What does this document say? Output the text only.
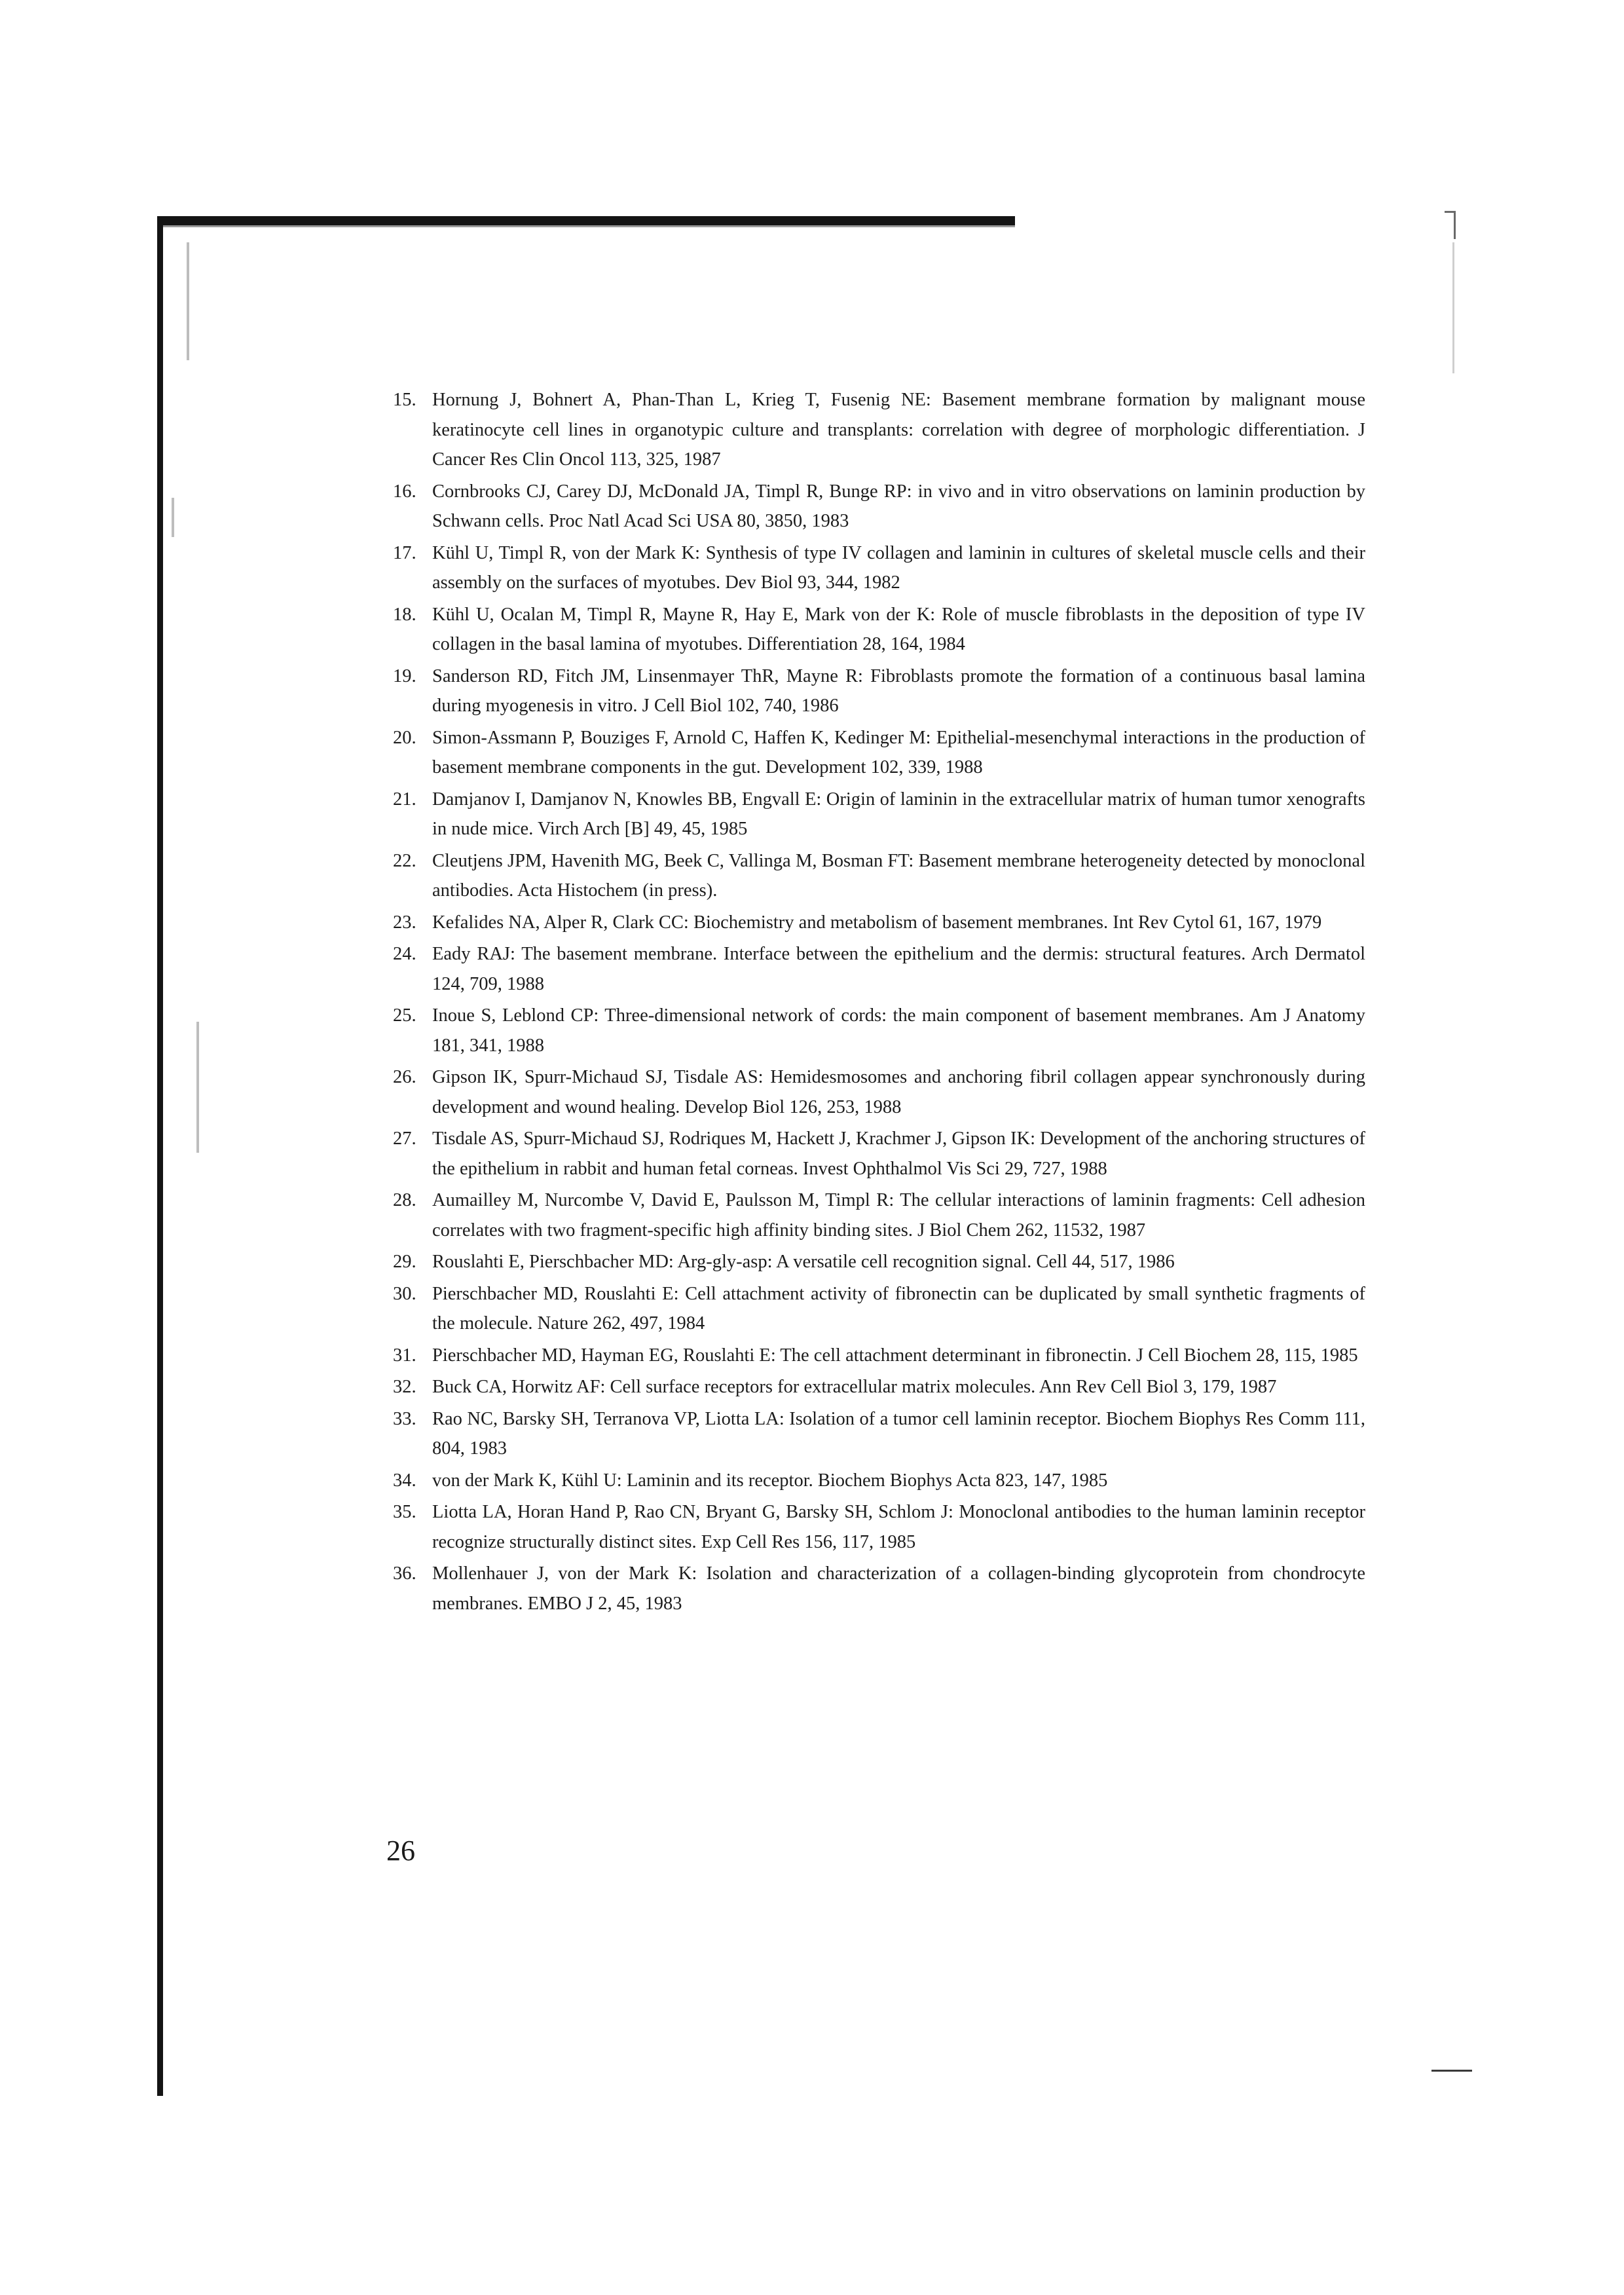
15. Hornung J, Bohnert A, Phan-Than L, Krieg T, Fusenig NE: Basement membrane formation by malignant mouse keratinocyte cell lines in organotypic culture and transplants: correlation with degree of morphologic differentiation. J Cancer Res Clin Oncol 113, 325, 1987
16. Cornbrooks CJ, Carey DJ, McDonald JA, Timpl R, Bunge RP: in vivo and in vitro observations on laminin production by Schwann cells. Proc Natl Acad Sci USA 80, 3850, 1983
17. Kühl U, Timpl R, von der Mark K: Synthesis of type IV collagen and laminin in cultures of skeletal muscle cells and their assembly on the surfaces of myotubes. Dev Biol 93, 344, 1982
18. Kühl U, Ocalan M, Timpl R, Mayne R, Hay E, Mark von der K: Role of muscle fibroblasts in the deposition of type IV collagen in the basal lamina of myotubes. Differentiation 28, 164, 1984
19. Sanderson RD, Fitch JM, Linsenmayer ThR, Mayne R: Fibroblasts promote the formation of a continuous basal lamina during myogenesis in vitro. J Cell Biol 102, 740, 1986
20. Simon-Assmann P, Bouziges F, Arnold C, Haffen K, Kedinger M: Epithelial-mesenchymal interactions in the production of basement membrane components in the gut. Development 102, 339, 1988
21. Damjanov I, Damjanov N, Knowles BB, Engvall E: Origin of laminin in the extracellular matrix of human tumor xenografts in nude mice. Virch Arch [B] 49, 45, 1985
22. Cleutjens JPM, Havenith MG, Beek C, Vallinga M, Bosman FT: Basement membrane heterogeneity detected by monoclonal antibodies. Acta Histochem (in press).
23. Kefalides NA, Alper R, Clark CC: Biochemistry and metabolism of basement membranes. Int Rev Cytol 61, 167, 1979
24. Eady RAJ: The basement membrane. Interface between the epithelium and the dermis: structural features. Arch Dermatol 124, 709, 1988
25. Inoue S, Leblond CP: Three-dimensional network of cords: the main component of basement membranes. Am J Anatomy 181, 341, 1988
26. Gipson IK, Spurr-Michaud SJ, Tisdale AS: Hemidesmosomes and anchoring fibril collagen appear synchronously during development and wound healing. Develop Biol 126, 253, 1988
27. Tisdale AS, Spurr-Michaud SJ, Rodriques M, Hackett J, Krachmer J, Gipson IK: Development of the anchoring structures of the epithelium in rabbit and human fetal corneas. Invest Ophthalmol Vis Sci 29, 727, 1988
28. Aumailley M, Nurcombe V, David E, Paulsson M, Timpl R: The cellular interactions of laminin fragments: Cell adhesion correlates with two fragment-specific high affinity binding sites. J Biol Chem 262, 11532, 1987
29. Rouslahti E, Pierschbacher MD: Arg-gly-asp: A versatile cell recognition signal. Cell 44, 517, 1986
30. Pierschbacher MD, Rouslahti E: Cell attachment activity of fibronectin can be duplicated by small synthetic fragments of the molecule. Nature 262, 497, 1984
31. Pierschbacher MD, Hayman EG, Rouslahti E: The cell attachment determinant in fibronectin. J Cell Biochem 28, 115, 1985
32. Buck CA, Horwitz AF: Cell surface receptors for extracellular matrix molecules. Ann Rev Cell Biol 3, 179, 1987
33. Rao NC, Barsky SH, Terranova VP, Liotta LA: Isolation of a tumor cell laminin receptor. Biochem Biophys Res Comm 111, 804, 1983
34. von der Mark K, Kühl U: Laminin and its receptor. Biochem Biophys Acta 823, 147, 1985
35. Liotta LA, Horan Hand P, Rao CN, Bryant G, Barsky SH, Schlom J: Monoclonal antibodies to the human laminin receptor recognize structurally distinct sites. Exp Cell Res 156, 117, 1985
36. Mollenhauer J, von der Mark K: Isolation and characterization of a collagen-binding glycoprotein from chondrocyte membranes. EMBO J 2, 45, 1983
26
